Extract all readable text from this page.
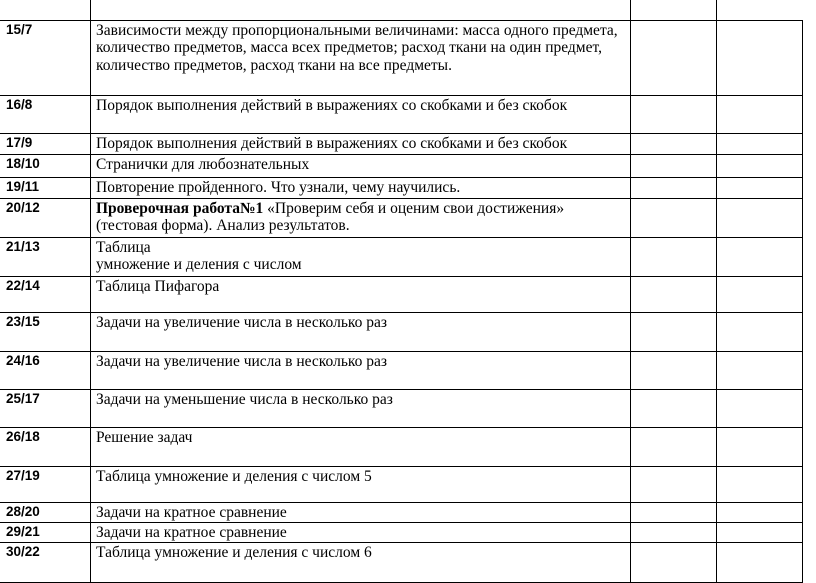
15/7	Зависимости между пропорциональными величинами: масса одного предмета, количество предметов, масса всех предметов; расход ткани на один предмет, количество предметов, расход ткани на все предметы.		
16/8	Порядок выполнения действий в выражениях со скобками и без скобок		
17/9	Порядок выполнения действий в выражениях со скобками и без скобок		
18/10	Странички для любознательных		
19/11	Повторение пройденного. Что узнали, чему научились.		
20/12	Проверочная работа№1 «Проверим себя и оценим свои достижения» (тестовая форма). Анализ результатов.		
21/13	Таблица
умножение и деления с числом		

22/14	Таблица Пифагора		
23/15	Задачи на увеличение числа в несколько раз		
24/16	Задачи на увеличение числа в несколько раз		
25/17	Задачи на уменьшение числа в несколько раз		
26/18	Решение задач		
27/19	Таблица умножение и деления с числом 5		
28/20	Задачи на кратное сравнение		
29/21	Задачи на кратное сравнение		
30/22	Таблица умножение и деления с числом 6		
